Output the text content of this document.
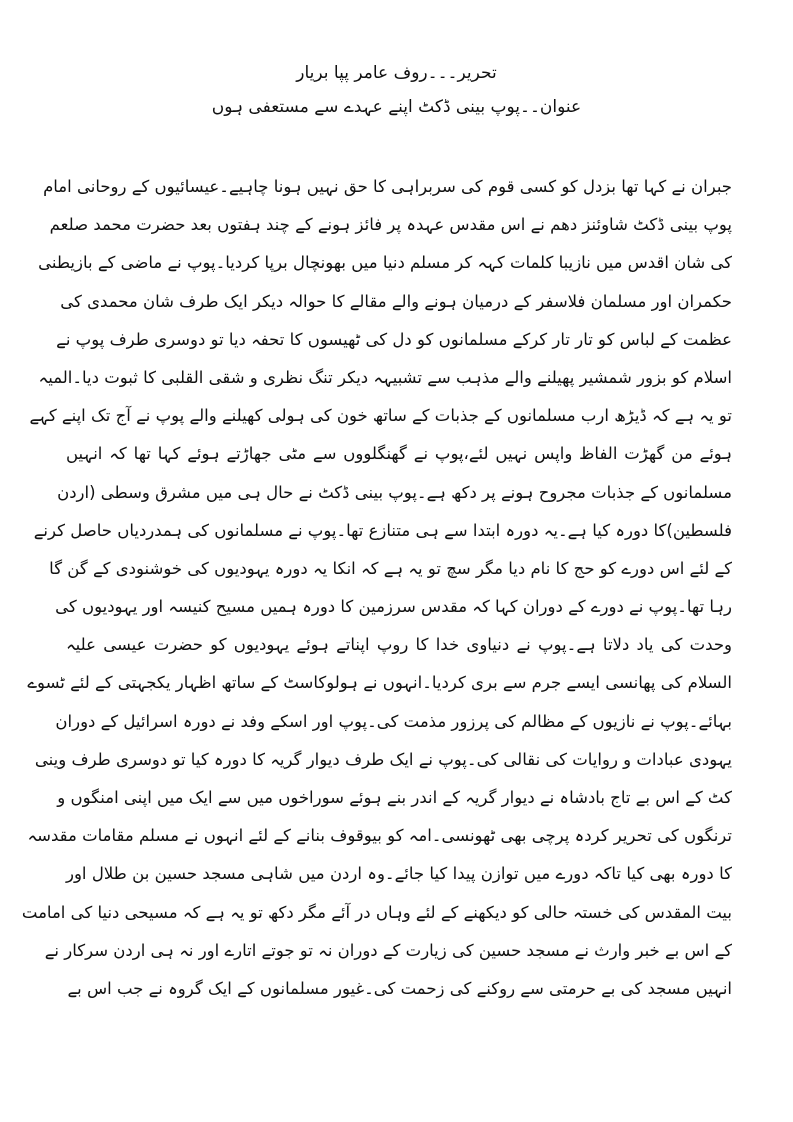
تحریر۔۔۔روف عامر پپا بریار
عنوان۔۔پوپ بینی ڈکٹ اپنے عہدے سے مستعفی ہوں
جبران نے کہا تھا بزدل کو کسی قوم کی سربراہی کا حق نہیں ہونا چاہیے۔عیسائیوں کے روحانی امام
پوپ بینی ڈکٹ شاوئنز دھم نے اس مقدس عہدہ پر فائز ہونے کے چند ہفتوں بعد حضرت محمد صلعم
کی شان اقدس میں نازیبا کلمات کہہ کر مسلم دنیا میں بھونچال برپا کردیا۔پوپ نے ماضی کے بازیطنی
حکمران اور مسلمان فلاسفر کے درمیان ہونے والے مقالے کا حوالہ دیکر ایک طرف شان محمدی کی
عظمت کے لباس کو تار تار کرکے مسلمانوں کو دل کی ٹھیسوں کا تحفہ دیا تو دوسری طرف پوپ نے
اسلام کو بزور شمشیر پھیلنے والے مذہب سے تشبیہہ دیکر تنگ نظری و شقی القلبی کا ثبوت دیا۔المیہ
تو یہ ہے کہ ڈیڑھ ارب مسلمانوں کے جذبات کے ساتھ خون کی ہولی کھیلنے والے پوپ نے آج تک اپنے کہے
ہوئے من گھڑت الفاظ واپس نہیں لئے،پوپ نے گھنگلووں سے مٹی جھاڑتے ہوئے کہا تھا کہ انہیں
مسلمانوں کے جذبات مجروح ہونے پر دکھ ہے۔پوپ بینی ڈکٹ نے حال ہی میں مشرق وسطی (اردن
فلسطین)کا دورہ کیا ہے۔یہ دورہ ابتدا سے ہی متنازع تھا۔پوپ نے مسلمانوں کی ہمدردیاں حاصل کرنے
کے لئے اس دورے کو حج کا نام دیا مگر سچ تو یہ ہے کہ انکا یہ دورہ یہودیوں کی خوشنودی کے گن گا
رہا تھا۔پوپ نے دورے کے دوران کہا کہ مقدس سرزمین کا دورہ ہمیں مسیح کنیسہ اور یہودیوں کی
وحدت کی یاد دلاتا ہے۔پوپ نے دنیاوی خدا کا روپ اپناتے ہوئے یہودیوں کو حضرت عیسی علیہ
السلام کی پھانسی ایسے جرم سے بری کردیا۔انہوں نے ہولوکاسٹ کے ساتھ اظہار یکجہتی کے لئے ٹسوے
بہائے۔پوپ نے نازیوں کے مظالم کی پرزور مذمت کی۔پوپ اور اسکے وفد نے دورہ اسرائیل کے دوران
یہودی عبادات و روایات کی نقالی کی۔پوپ نے ایک طرف دیوار گریہ کا دورہ کیا تو دوسری طرف وینی
کٹ کے اس بے تاج بادشاہ نے دیوار گریہ کے اندر بنے ہوئے سوراخوں میں سے ایک میں اپنی امنگوں و
ترنگوں کی تحریر کردہ پرچی بھی ٹھونسی۔امہ کو بیوقوف بنانے کے لئے انہوں نے مسلم مقامات مقدسہ
کا دورہ بھی کیا تاکہ دورے میں توازن پیدا کیا جائے۔وہ اردن میں شاہی مسجد حسین بن طلال اور
بیت المقدس کی خستہ حالی کو دیکھنے کے لئے وہاں در آئے مگر دکھ تو یہ ہے کہ مسیحی دنیا کی امامت
کے اس بے خبر وارث نے مسجد حسین کی زیارت کے دوران نہ تو جوتے اتارے اور نہ ہی اردن سرکار نے
انہیں مسجد کی بے حرمتی سے روکنے کی زحمت کی۔غیور مسلمانوں کے ایک گروہ نے جب اس بے
